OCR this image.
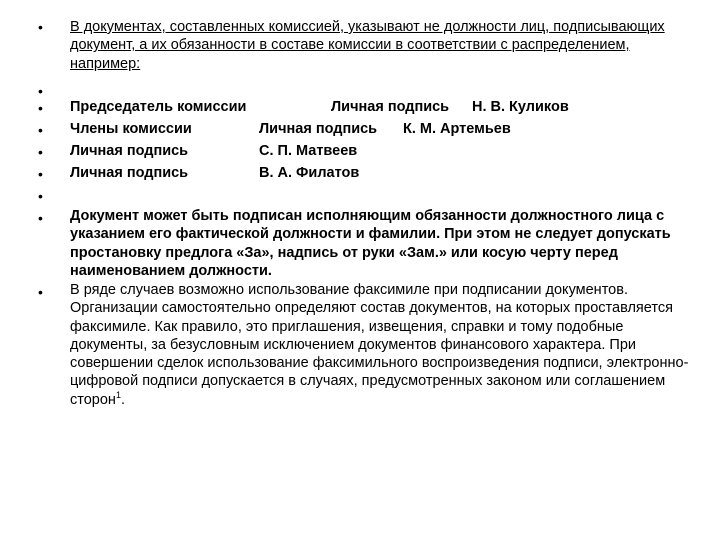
•	В документах, составленных комиссией, указывают не должности лиц, подписывающих документ, а их обязанности в составе комиссии в соответствии с распределением, например:
•
•	Председатель комиссии	Личная подпись Н. В. Куликов
•	Члены комиссии	Личная подпись К. М. Артемьев
•	Личная подпись	С. П. Матвеев
•	Личная подпись	В. А. Филатов
•
•	Документ может быть подписан исполняющим обязанности должностного лица с указанием его фактической должности и фамилии. При этом не следует допускать простановку предлога «За», надпись от руки «Зам.» или косую черту перед наименованием должности.
•	В ряде случаев возможно использование факсимиле при подписании документов. Организации самостоятельно определяют состав документов, на которых проставляется факсимиле. Как правило, это приглашения, извещения, справки и тому подобные документы, за безусловным исключением документов финансового характера. При совершении сделок использование факсимильного воспроизведения подписи, электронно-цифровой подписи допускается в случаях, предусмотренных законом или соглашением сторон$^1$.
